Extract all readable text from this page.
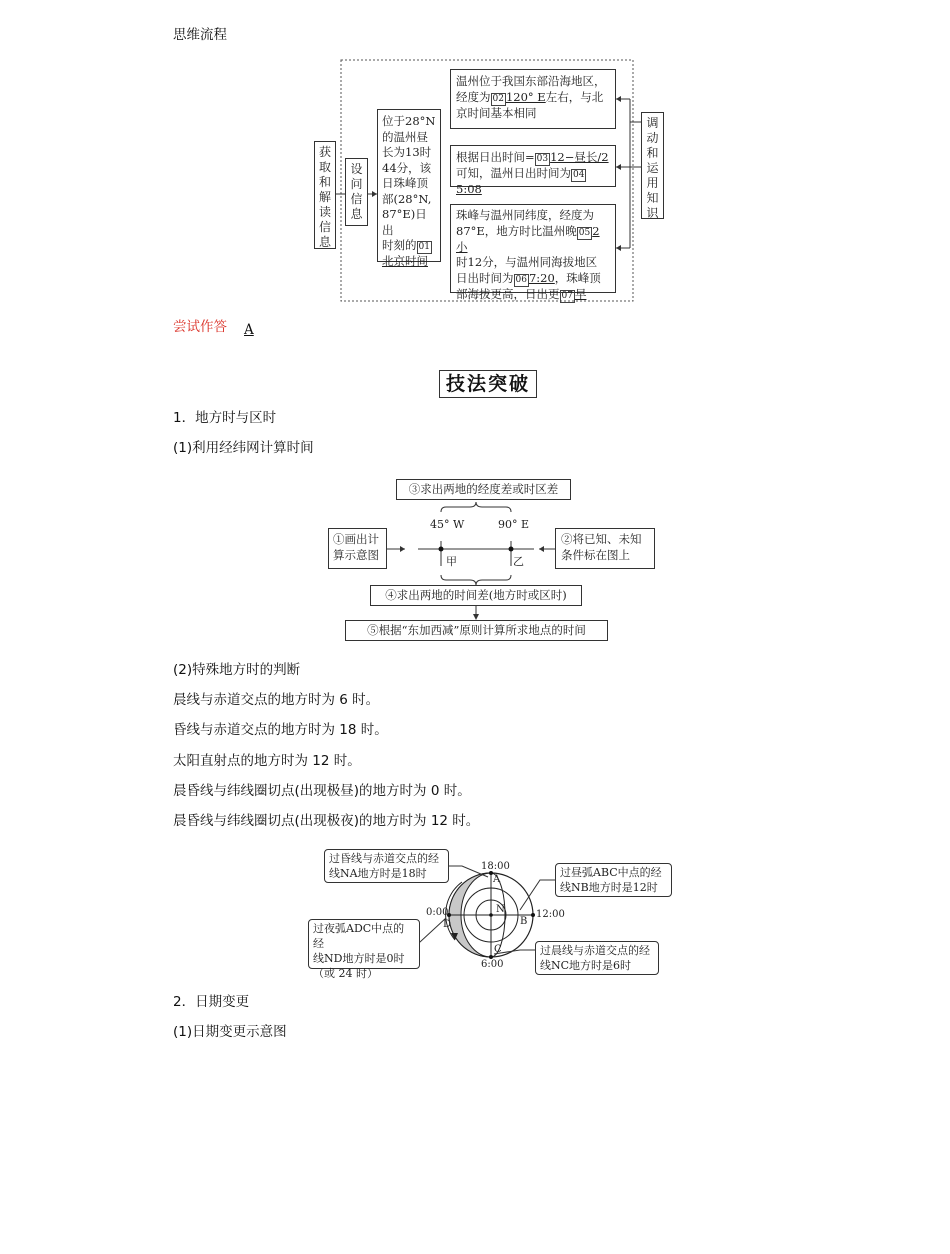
思维流程
获取和解读信息
设问信息
位于28°N
的温州昼
长为13时
44分，该
日珠峰顶
部(28°N,
87°E)日出
时刻的 01
北京时间
温州位于我国东部沿海地区，
经度为 02 120° E左右，与北
京时间基本相同
根据日出时间= 03 12−昼长/2
可知，温州日出时间为 045:08
珠峰与温州同纬度，经度为
87°E，地方时比温州晚 05 2小
时12分，与温州同海拔地区
日出时间为 06 7:20，珠峰顶
部海拔更高，日出更 07 早
调动和运用知识
尝试作答 A
技法突破
1．地方时与区时
(1)利用经纬网计算时间
③求出两地的经度差或时区差
①画出计
算示意图
②将已知、未知
条件标在图上
45° W	90° E
甲	乙
④求出两地的时间差(地方时或区时)
⑤根据“东加西减”原则计算所求地点的时间
(2)特殊地方时的判断
晨线与赤道交点的地方时为 6 时。
昏线与赤道交点的地方时为 18 时。
太阳直射点的地方时为 12 时。
晨昏线与纬线圈切点(出现极昼)的地方时为 0 时。
晨昏线与纬线圈切点(出现极夜)的地方时为 12 时。
过昏线与赤道交点的经
线NA地方时是18时	过昼弧ABC中点的经
线NB地方时是12时
过夜弧ADC中点的经
线ND地方时是0时
（或 24 时）
过晨线与赤道交点的经
线NC地方时是6时
18:00
12:00
0:00
6:00
A
B
C
D
N
2．日期变更
(1)日期变更示意图
